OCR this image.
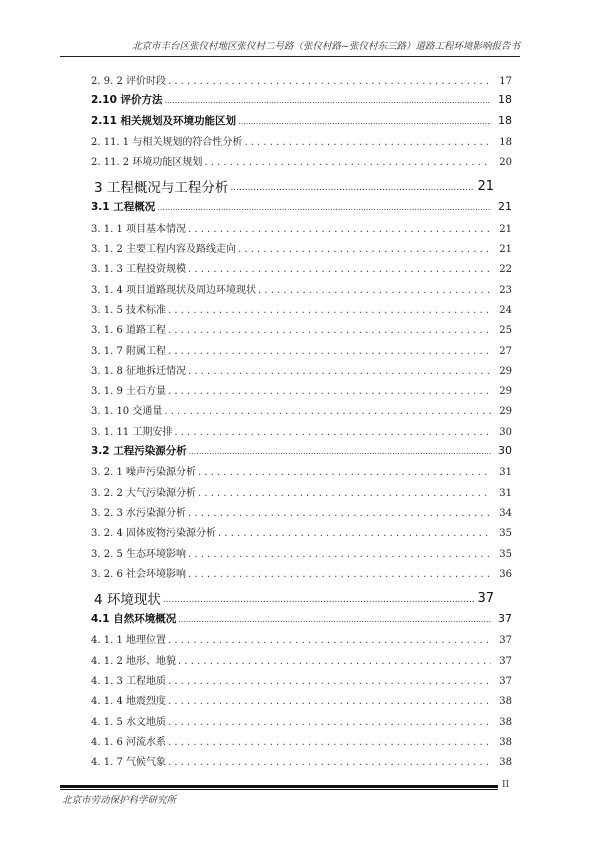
北京市丰台区张仪村地区张仪村二号路（张仪村路~张仪村东三路）道路工程环境影响报告书
2. 9. 2 评价时段 . . .	17
2.10 评价方法 .....	18
2.11 相关规划及环境功能区划 .....	18
2. 11. 1 与相关规划的符合性分析 . . .	18
2. 11. 2 环境功能区规划 . . .	20
3 工程概况与工程分析 .....	21
3.1 工程概况 .....	21
3. 1. 1 项目基本情况 . . .	21
3. 1. 2 主要工程内容及路线走向 . . .	21
3. 1. 3 工程投资规模 . . .	22
3. 1. 4 项目道路现状及周边环境现状 . . .	23
3. 1. 5 技术标准 . . .	24
3. 1. 6 道路工程 . . .	25
3. 1. 7 附属工程 . . .	27
3. 1. 8 征地拆迁情况 . . .	29
3. 1. 9 土石方量 . . .	29
3. 1. 10 交通量 . . .	29
3. 1. 11 工期安排 . . .	30
3.2 工程污染源分析 .....	30
3. 2. 1 噪声污染源分析 . . .	31
3. 2. 2 大气污染源分析 . . .	31
3. 2. 3 水污染源分析 . . .	34
3. 2. 4 固体废物污染源分析 . . .	35
3. 2. 5 生态环境影响 . . .	35
3. 2. 6 社会环境影响 . . .	36
4 环境现状 .....	37
4.1 自然环境概况 .....	37
4. 1. 1 地理位置 . . .	37
4. 1. 2 地形、地貌 . . .	37
4. 1. 3 工程地质 . . .	37
4. 1. 4 地震烈度 . . .	38
4. 1. 5 水文地质 . . .	38
4. 1. 6 河流水系 . . .	38
4. 1. 7 气候气象 . . .	38
II
北京市劳动保护科学研究所
